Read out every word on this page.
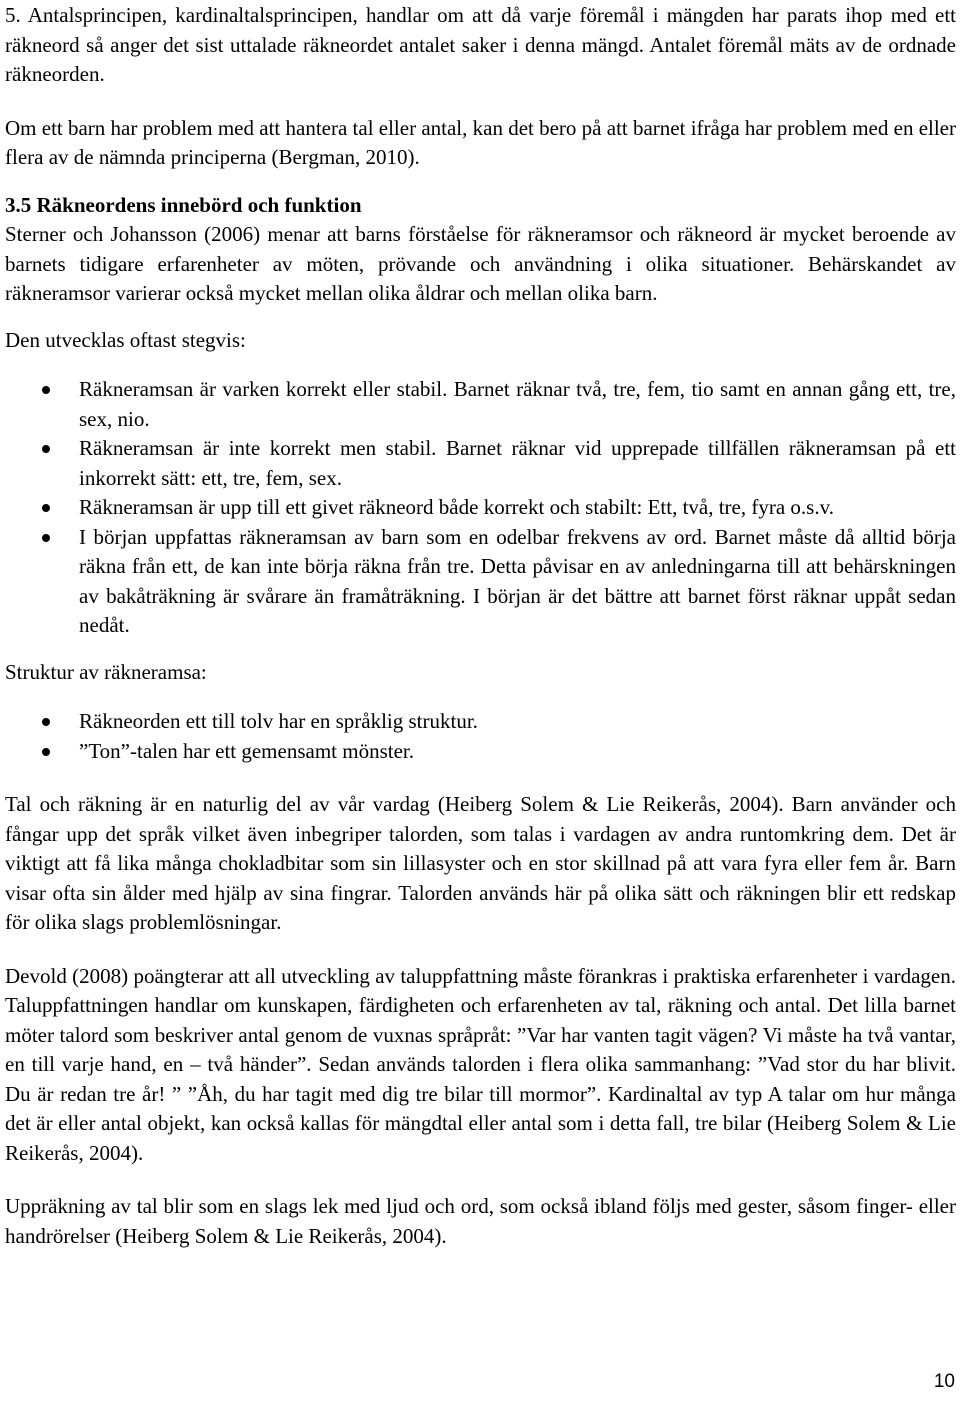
5. Antalsprincipen, kardinaltalsprincipen, handlar om att då varje föremål i mängden har parats ihop med ett räkneord så anger det sist uttalade räkneordet antalet saker i denna mängd. Antalet föremål mäts av de ordnade räkneorden.

Om ett barn har problem med att hantera tal eller antal, kan det bero på att barnet ifråga har problem med en eller flera av de nämnda principerna (Bergman, 2010).

3.5 Räkneordens innebörd och funktion

Sterner och Johansson (2006) menar att barns förståelse för räkneramsor och räkneord är mycket beroende av barnets tidigare erfarenheter av möten, prövande och användning i olika situationer. Behärskandet av räkneramsor varierar också mycket mellan olika åldrar och mellan olika barn.

Den utvecklas oftast stegvis:

Räkneramsan är varken korrekt eller stabil. Barnet räknar två, tre, fem, tio samt en annan gång ett, tre, sex, nio.
Räkneramsan är inte korrekt men stabil. Barnet räknar vid upprepade tillfällen räkneramsan på ett inkorrekt sätt: ett, tre, fem, sex.
Räkneramsan är upp till ett givet räkneord både korrekt och stabilt: Ett, två, tre, fyra o.s.v.
I början uppfattas räkneramsan av barn som en odelbar frekvens av ord. Barnet måste då alltid börja räkna från ett, de kan inte börja räkna från tre. Detta påvisar en av anledningarna till att behärskningen av bakåträkning är svårare än framåträkning. I början är det bättre att barnet först räknar uppåt sedan nedåt.

Struktur av räkneramsa:

Räkneorden ett till tolv har en språklig struktur.
”Ton”-talen har ett gemensamt mönster.

Tal och räkning är en naturlig del av vår vardag (Heiberg Solem & Lie Reikerås, 2004). Barn använder och fångar upp det språk vilket även inbegriper talorden, som talas i vardagen av andra runtomkring dem. Det är viktigt att få lika många chokladbitar som sin lillasyster och en stor skillnad på att vara fyra eller fem år. Barn visar ofta sin ålder med hjälp av sina fingrar. Talorden används här på olika sätt och räkningen blir ett redskap för olika slags problemlösningar.

Devold (2008) poängterar att all utveckling av taluppfattning måste förankras i praktiska erfarenheter i vardagen. Taluppfattningen handlar om kunskapen, färdigheten och erfarenheten av tal, räkning och antal. Det lilla barnet möter talord som beskriver antal genom de vuxnas språpråt: ”Var har vanten tagit vägen? Vi måste ha två vantar, en till varje hand, en – två händer”. Sedan används talorden i flera olika sammanhang: ”Vad stor du har blivit. Du är redan tre år! ” ”Åh, du har tagit med dig tre bilar till mormor”. Kardinaltal av typ A talar om hur många det är eller antal objekt, kan också kallas för mängdtal eller antal som i detta fall, tre bilar (Heiberg Solem & Lie Reikerås, 2004).

Uppräkning av tal blir som en slags lek med ljud och ord, som också ibland följs med gester, såsom finger- eller handrörelser (Heiberg Solem & Lie Reikerås, 2004).

10
